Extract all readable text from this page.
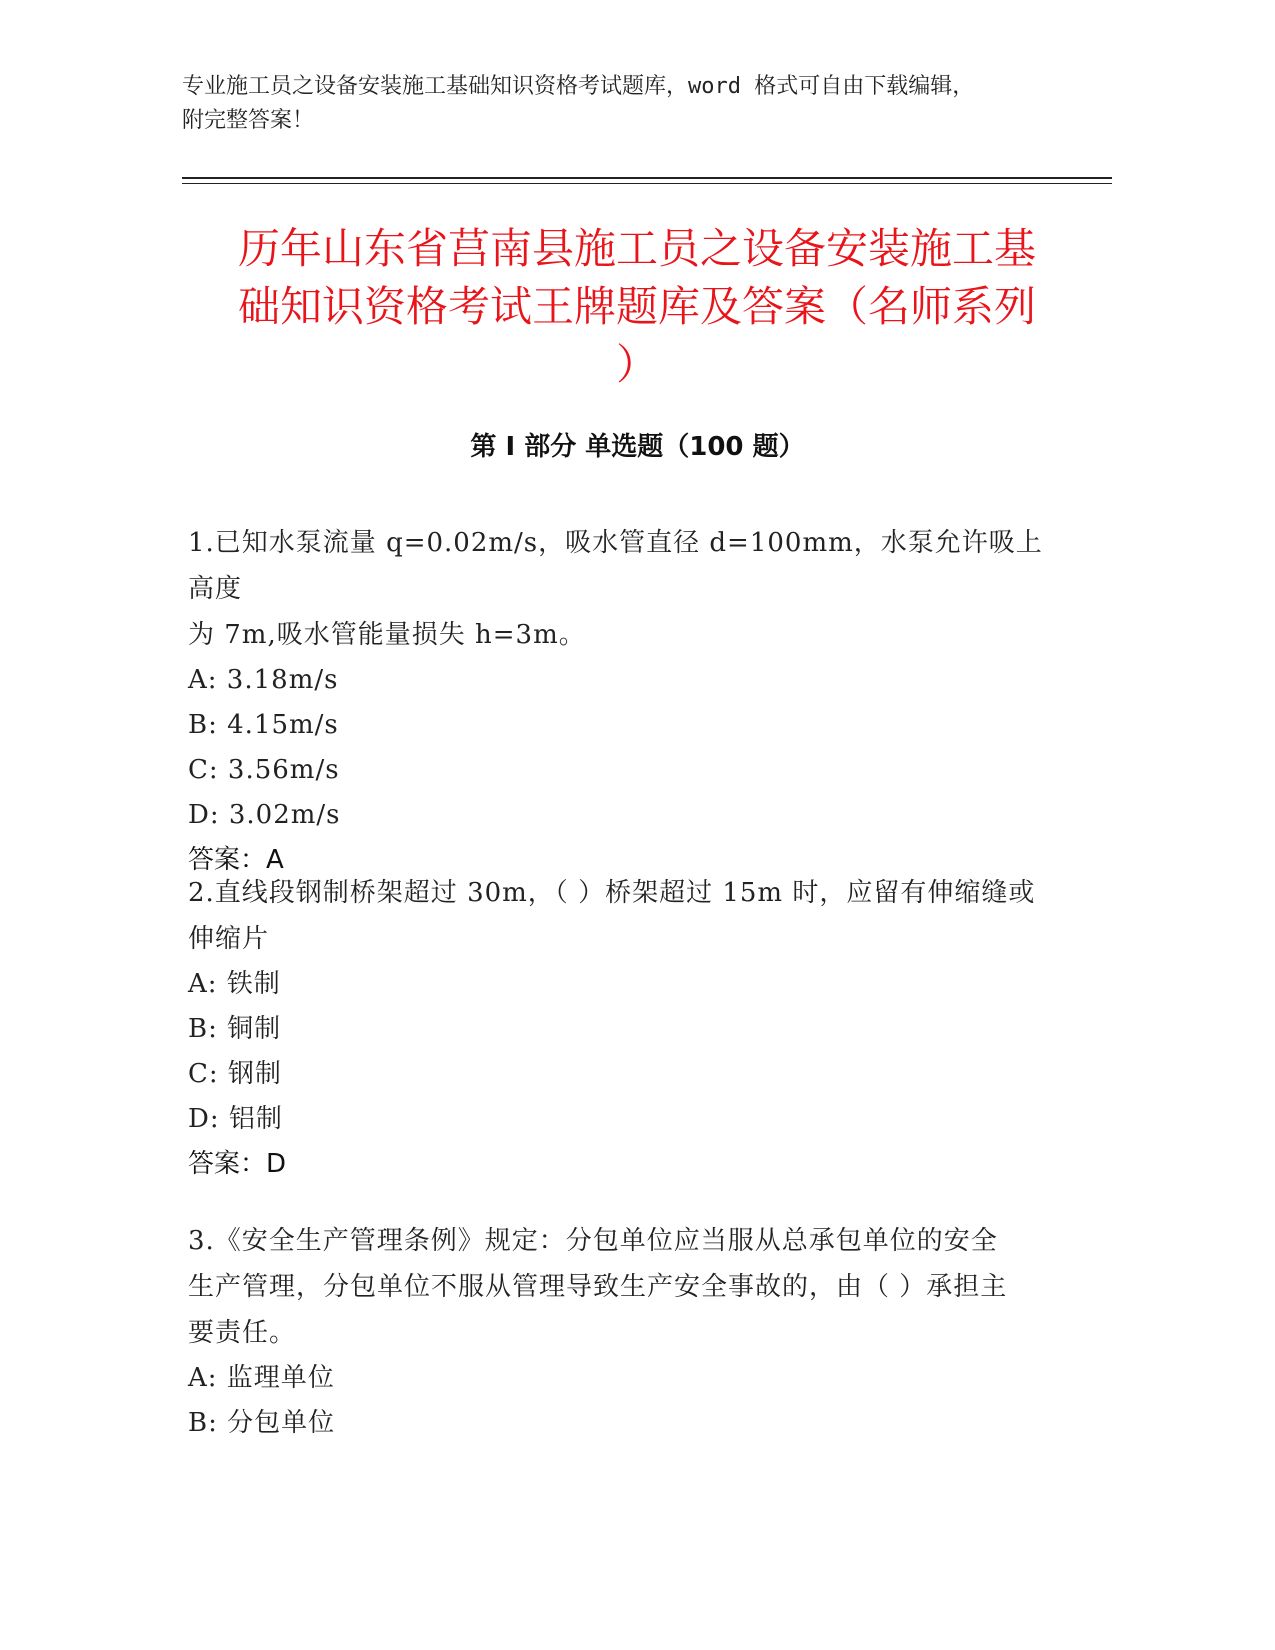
专业施工员之设备安装施工基础知识资格考试题库，word 格式可自由下载编辑，
附完整答案！
历年山东省莒南县施工员之设备安装施工基
础知识资格考试王牌题库及答案（名师系列
）
第 I 部分 单选题（100 题）

1.已知水泵流量 q=0.02m/s，吸水管直径 d=100mm，水泵允许吸上高度

为 7m,吸水管能量损失 h=3m。

A: 3.18m/s

B: 4.15m/s

C: 3.56m/s

D: 3.02m/s

答案：A

2.直线段钢制桥架超过 30m，（ ）桥架超过 15m 时，应留有伸缩缝或

伸缩片

A: 铁制

B: 铜制

C: 钢制

D: 铝制

答案：D

3.《安全生产管理条例》规定：分包单位应当服从总承包单位的安全

生产管理，分包单位不服从管理导致生产安全事故的，由（ ）承担主

要责任。

A: 监理单位

B: 分包单位
